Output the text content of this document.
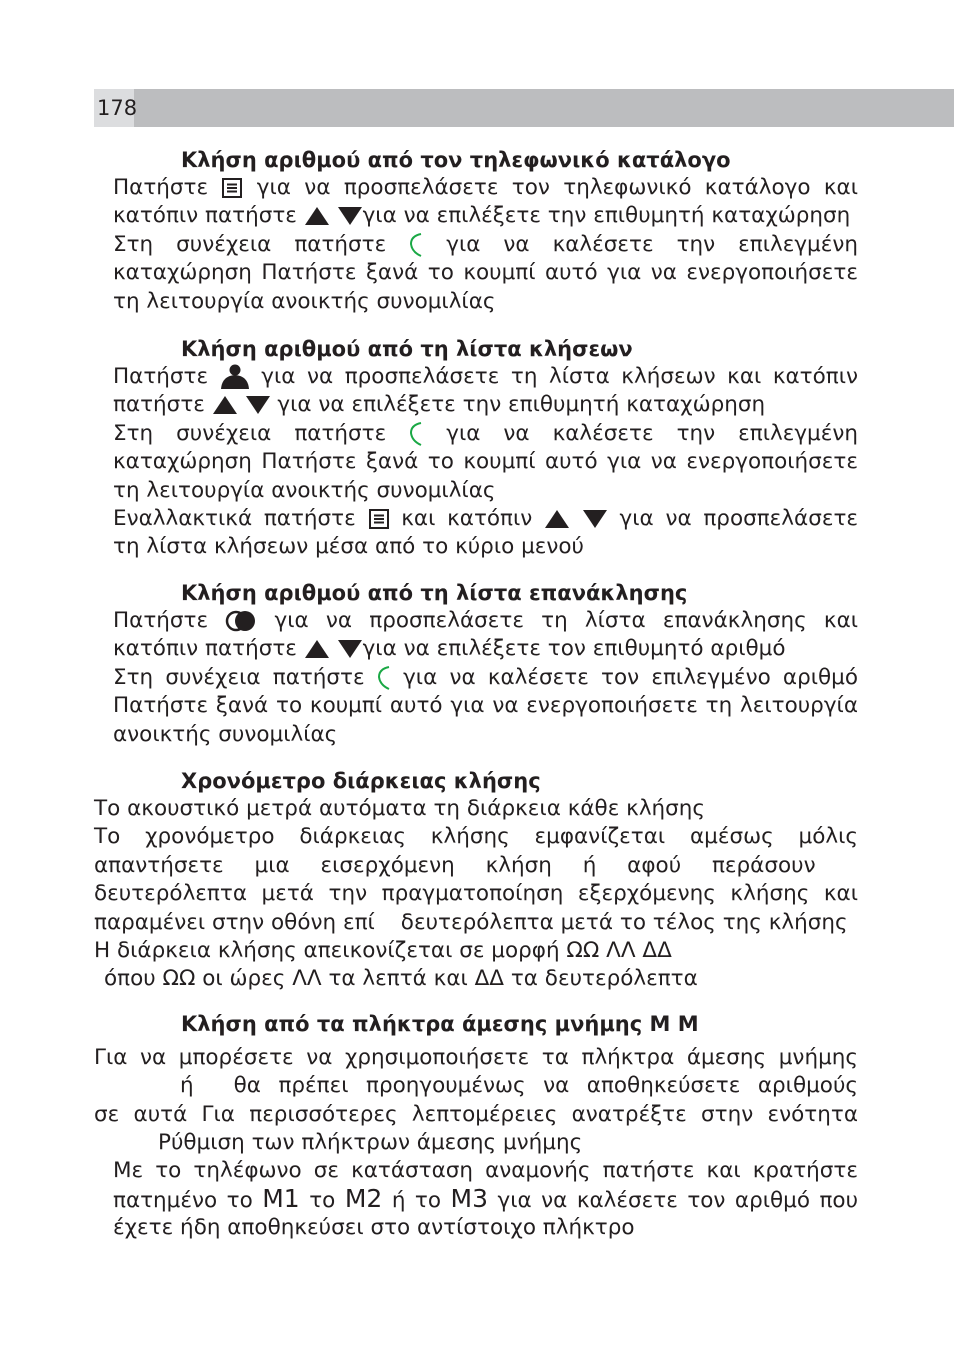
178
Κλήση αριθμού από τον τηλεφωνικό κατάλογο
Πατήστε για να προσπελάσετε τον τηλεφωνικό κατάλογο και
κατόπιν πατήστε	για να επιλέξετε την επιθυμητή καταχώρηση
Στη συνέχεια πατήστε	για να καλέσετε την επιλεγμένη
καταχώρηση Πατήστε ξανά το κουμπί αυτό για να ενεργοποιήσετε
τη λειτουργία ανοικτής συνομιλίας
Κλήση αριθμού από τη λίστα κλήσεων
Πατήστε για να προσπελάσετε τη λίστα κλήσεων και κατόπιν
πατήστε	για να επιλέξετε την επιθυμητή καταχώρηση
Στη συνέχεια πατήστε	για να καλέσετε την επιλεγμένη
καταχώρηση Πατήστε ξανά το κουμπί αυτό για να ενεργοποιήσετε
τη λειτουργία ανοικτής συνομιλίας
Εναλλακτικά πατήστε και κατόπιν	για να προσπελάσετε
τη λίστα κλήσεων μέσα από το κύριο μενού
Κλήση αριθμού από τη λίστα επανάκλησης
Πατήστε	για να προσπελάσετε τη λίστα επανάκλησης και
κατόπιν πατήστε	για να επιλέξετε τον επιθυμητό αριθμό
Στη συνέχεια πατήστε για να καλέσετε τον επιλεγμένο αριθμό
Πατήστε ξανά το κουμπί αυτό για να ενεργοποιήσετε τη λειτουργία
ανοικτής συνομιλίας
Χρονόμετρο διάρκειας κλήσης
Το ακουστικό μετρά αυτόματα τη διάρκεια κάθε κλήσης
Το χρονόμετρο διάρκειας κλήσης εμφανίζεται αμέσως μόλις
απαντήσετε μια εισερχόμενη κλήση ή αφού περάσουν
δευτερόλεπτα μετά την πραγματοποίηση εξερχόμενης κλήσης και
παραμένει στην οθόνη επί δευτερόλεπτα μετά το τέλος της κλήσης
Η διάρκεια κλήσης απεικονίζεται σε μορφή ΩΩ ΛΛ ΔΔ
όπου ΩΩ οι ώρες ΛΛ τα λεπτά και ΔΔ τα δευτερόλεπτα
Κλήση από τα πλήκτρα άμεσης μνήμης M M
Για να μπορέσετε να χρησιμοποιήσετε τα πλήκτρα άμεσης μνήμης
ή θα πρέπει προηγουμένως να αποθηκεύσετε αριθμούς
σε αυτά Για περισσότερες λεπτομέρειες ανατρέξτε στην ενότητα
Ρύθμιση των πλήκτρων άμεσης μνήμης
Με το τηλέφωνο σε κατάσταση αναμονής πατήστε και κρατήστε
πατημένο το M1 το M2 ή το M3 για να καλέσετε τον αριθμό που
έχετε ήδη αποθηκεύσει στο αντίστοιχο πλήκτρο
